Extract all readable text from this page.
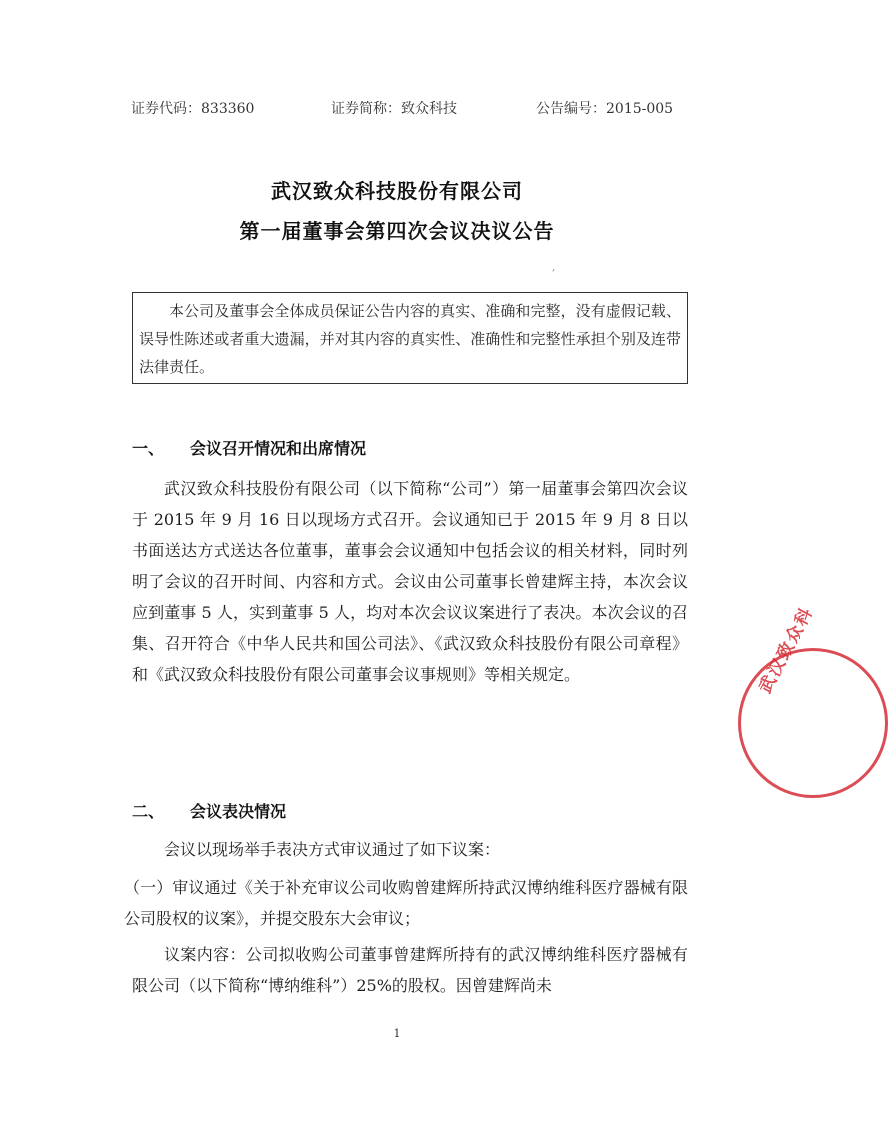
证券代码：833360	证券简称：致众科技	公告编号：2015-005
武汉致众科技股份有限公司
第一届董事会第四次会议决议公告
,
本公司及董事会全体成员保证公告内容的真实、准确和完整，没有虚假记载、误导性陈述或者重大遗漏，并对其内容的真实性、准确性和完整性承担个别及连带法律责任。
一、 会议召开情况和出席情况
武汉致众科技股份有限公司（以下简称“公司”）第一届董事会第四次会议于 2015 年 9 月 16 日以现场方式召开。会议通知已于 2015 年 9 月 8 日以书面送达方式送达各位董事，董事会会议通知中包括会议的相关材料，同时列明了会议的召开时间、内容和方式。会议由公司董事长曾建辉主持，本次会议应到董事 5 人，实到董事 5 人，均对本次会议议案进行了表决。本次会议的召集、召开符合《中华人民共和国公司法》、《武汉致众科技股份有限公司章程》和《武汉致众科技股份有限公司董事会议事规则》等相关规定。
二、 会议表决情况
会议以现场举手表决方式审议通过了如下议案：
（一）审议通过《关于补充审议公司收购曾建辉所持武汉博纳维科医疗器械有限公司股权的议案》，并提交股东大会审议；
议案内容：公司拟收购公司董事曾建辉所持有的武汉博纳维科医疗器械有限公司（以下简称“博纳维科”）25%的股权。因曾建辉尚未
1
武汉致众科
